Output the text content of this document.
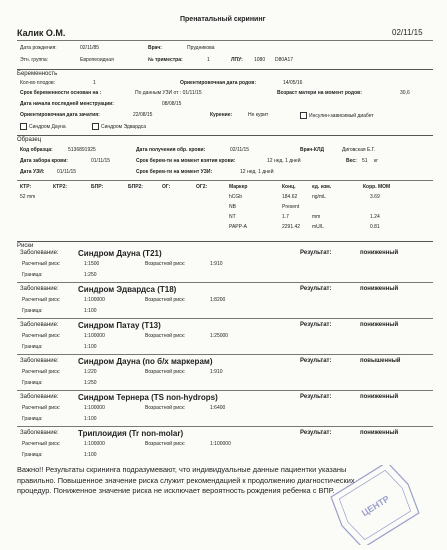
Пренатальный скрининг
Калик О.М.	02/11/15
Дата рождения:	02/11/85	Врач:	Прудникова
Этн. группа:	Европеоидная	№ триместра:	1	ЛПУ: 1080 D80A17
Беременность
Кол-во плодов:	1	Ориентировочная дата родов:	14/05/16
Срок беременности основан на :	По данным УЗИ от : 01/11/15	Возраст матери на момент родов:	30,6
Дата начала последней менструации:	08/08/15
Ориентировочная дата зачатия:	22/08/15	Курение:	Не курит	Инсулин-зависимый диабет
Синдром Дауна	Синдром Эдвардса
Образец
Код образца:	5136891925	Дата получения обр. крови:	02/11/15	Врач-КЛД	Диговская Е.Г.
Дата забора крови:	01/11/15	Срок берем-ти на момент взятия крови:	12 нед. 1 дней	Вес: 51 кг
Дата УЗИ:	01/11/15	Срок берем-ти на момент УЗИ:	12 нед. 1 дней
КТР:	КТР2:	БПР:	БПР2:	ОГ:	ОГ2:	Маркер	Конц.	ед. изм.	Корр. МОМ
52 mm	hCGb	184.62	ng/mL	3.69
NB	Present
NT	1.7	mm	1.24
PAPP-A	2291.42 mU/L	0.81
Риски
Заболевание: Синдром Дауна (Т21)	Результат:	пониженный
Расчетный риск:	1:1500	Возрастной риск:	1:910
Граница:	1:250
Заболевание: Синдром Эдвардса (Т18)	Результат:	пониженный
Расчетный риск:	1:100000	Возрастной риск:	1:8200
Граница:	1:100
Заболевание: Синдром Патау (Т13)	Результат:	пониженный
Расчетный риск:	1:100000	Возрастной риск:	1:25000
Граница:	1:100
Заболевание: Синдром Дауна (по б/х маркерам)	Результат:	повышенный
Расчетный риск:	1:220	Возрастной риск:	1:910
Граница:	1:250
Заболевание: Синдром Тернера (TS non-hydrops)	Результат:	пониженный
Расчетный риск:	1:100000	Возрастной риск:	1:6400
Граница:	1:100
Заболевание: Триплоидия (Tr non-molar)	Результат:	пониженный
Расчетный риск:	1:100000	Возрастной риск:	1:100000
Граница:	1:100
Важно!! Результаты скрининга подразумевают, что индивидуальные данные пациентки указаны правильно. Повышенное значение риска служит рекомендацией к продолжению диагностических процедур. Пониженное значение риска не исключает вероятность рождения ребенка с ВПР.
ЦЕНТР
